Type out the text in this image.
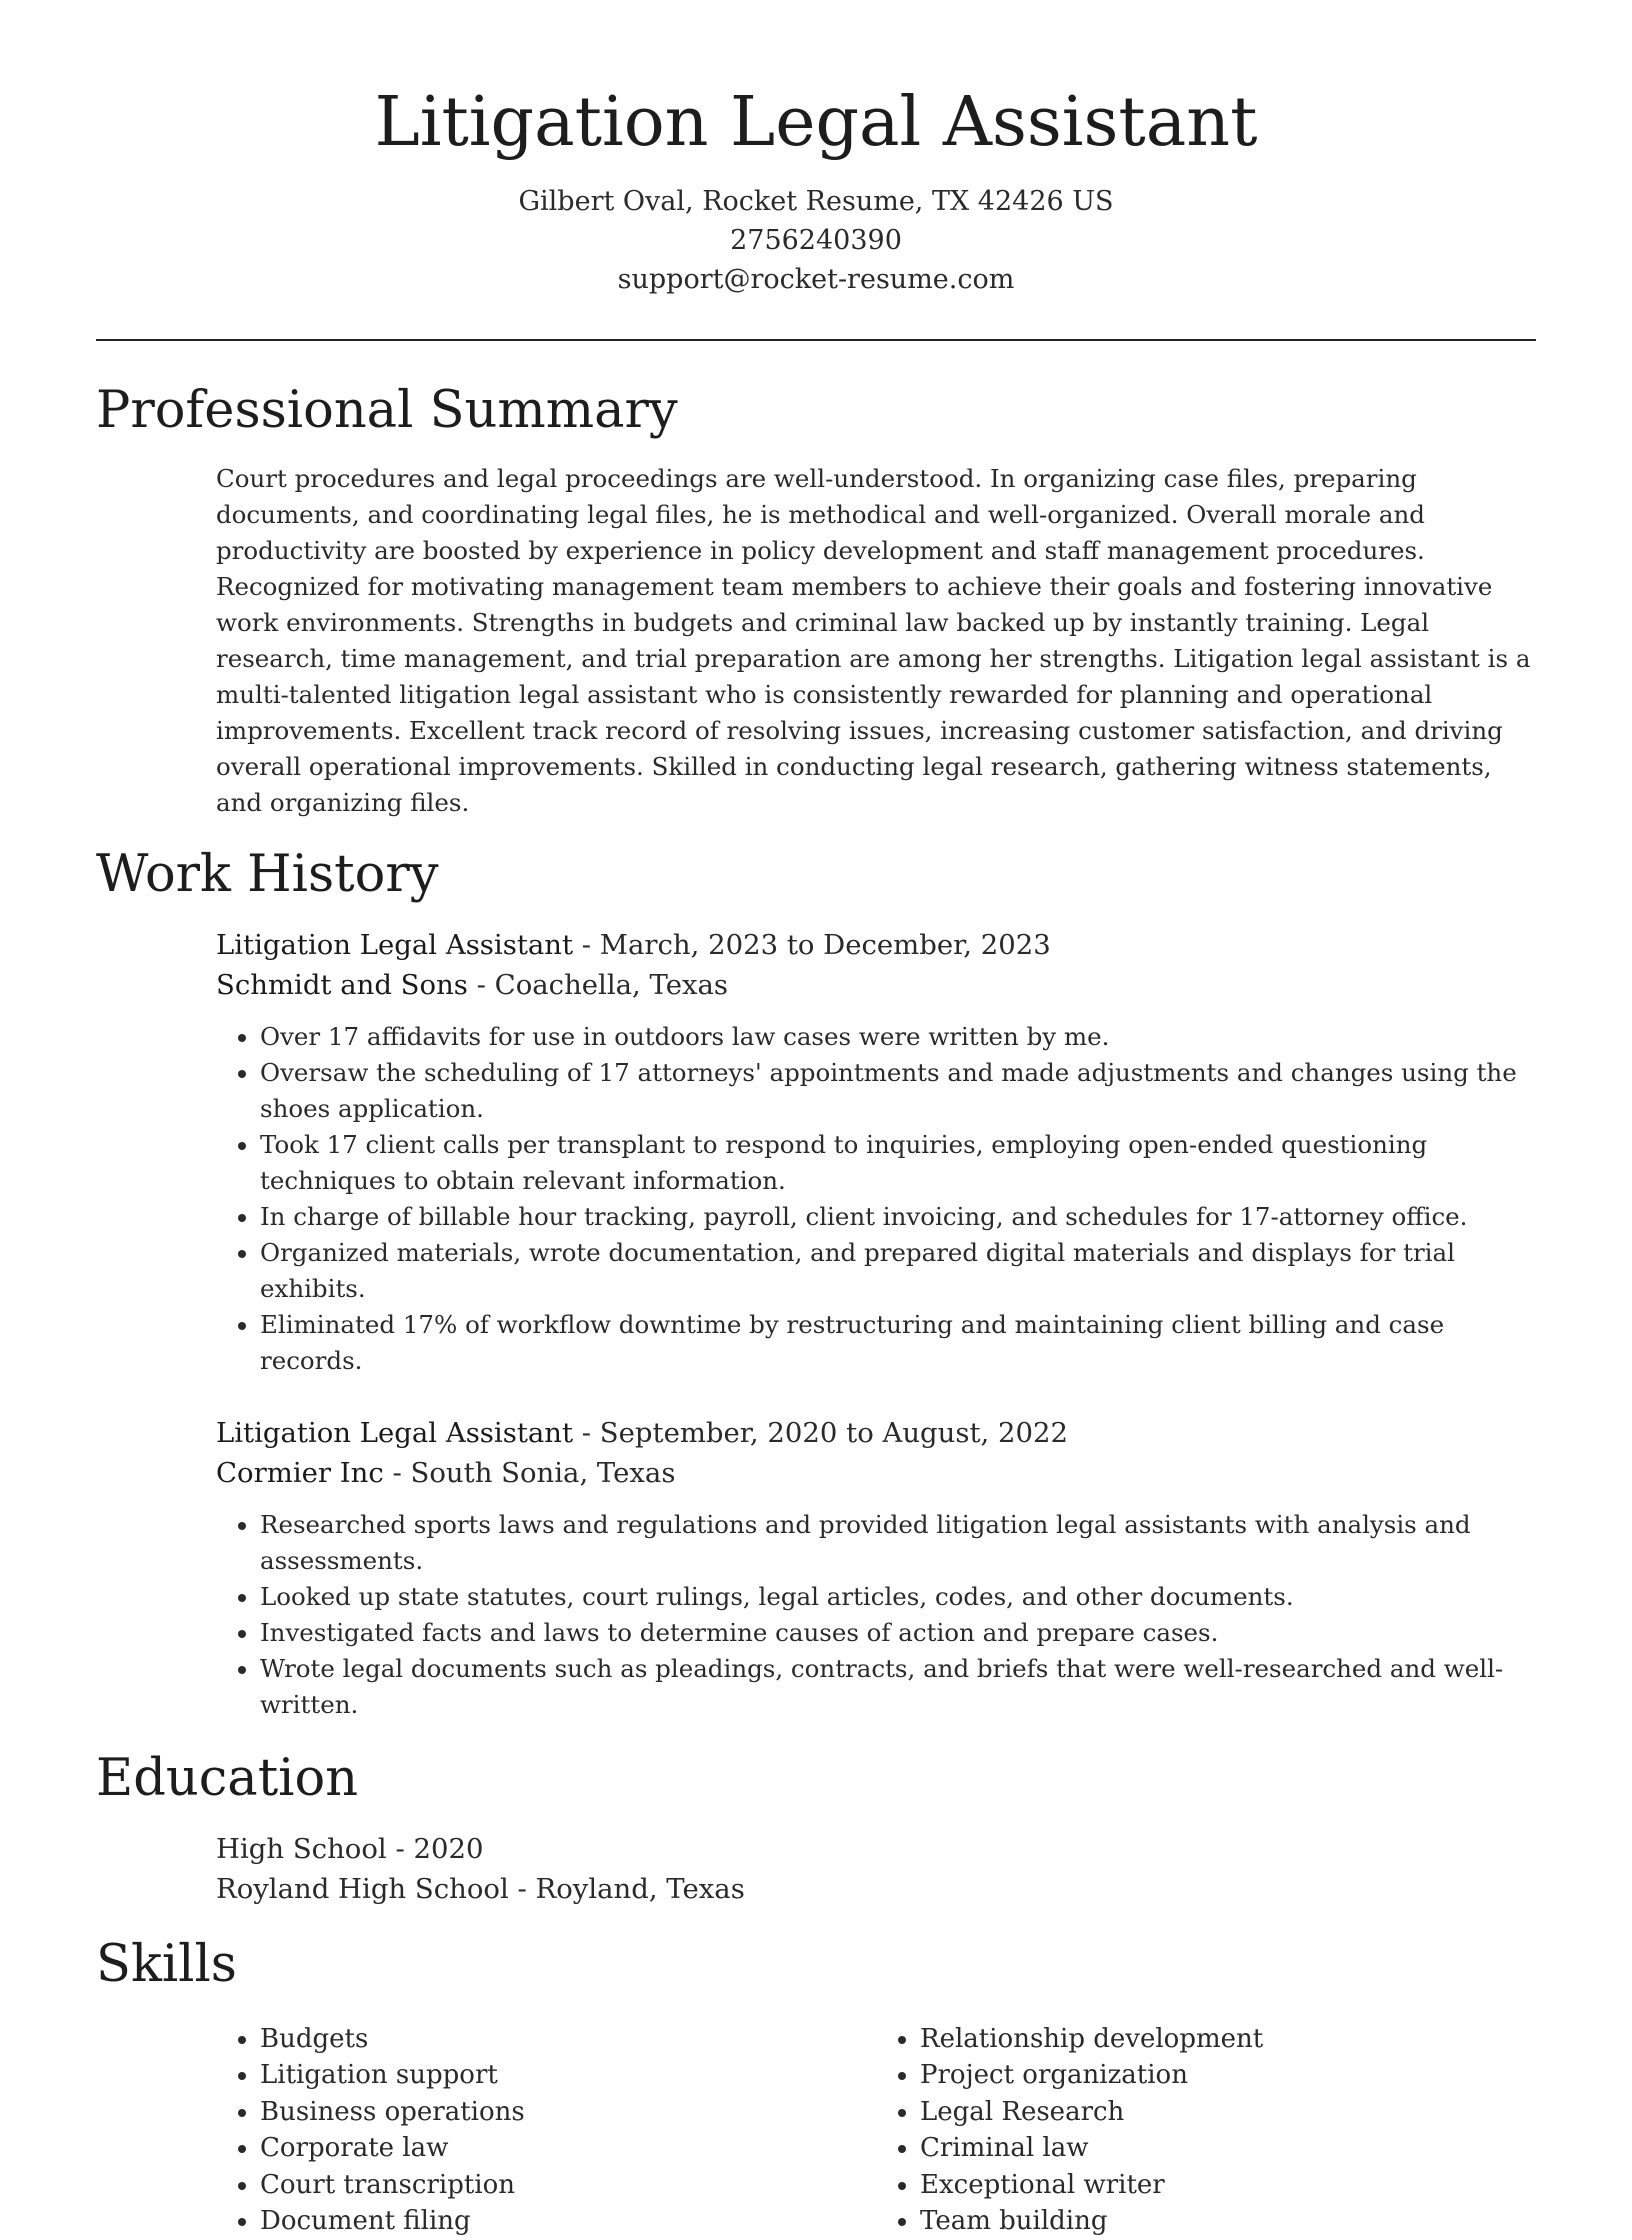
Litigation Legal Assistant
Gilbert Oval, Rocket Resume, TX 42426 US
2756240390
support@rocket-resume.com
Professional Summary

Court procedures and legal proceedings are well-understood. In organizing case files, preparing documents, and coordinating legal files, he is methodical and well-organized. Overall morale and productivity are boosted by experience in policy development and staff management procedures. Recognized for motivating management team members to achieve their goals and fostering innovative work environments. Strengths in budgets and criminal law backed up by instantly training. Legal research, time management, and trial preparation are among her strengths. Litigation legal assistant is a multi-talented litigation legal assistant who is consistently rewarded for planning and operational improvements. Excellent track record of resolving issues, increasing customer satisfaction, and driving overall operational improvements. Skilled in conducting legal research, gathering witness statements, and organizing files.

Work History
Litigation Legal Assistant - March, 2023 to December, 2023
Schmidt and Sons - Coachella, Texas
• Over 17 affidavits for use in outdoors law cases were written by me.
• Oversaw the scheduling of 17 attorneys' appointments and made adjustments and changes using the shoes application.
• Took 17 client calls per transplant to respond to inquiries, employing open-ended questioning techniques to obtain relevant information.
• In charge of billable hour tracking, payroll, client invoicing, and schedules for 17-attorney office.
• Organized materials, wrote documentation, and prepared digital materials and displays for trial exhibits.
• Eliminated 17% of workflow downtime by restructuring and maintaining client billing and case records.
Litigation Legal Assistant - September, 2020 to August, 2022
Cormier Inc - South Sonia, Texas
• Researched sports laws and regulations and provided litigation legal assistants with analysis and assessments.
• Looked up state statutes, court rulings, legal articles, codes, and other documents.
• Investigated facts and laws to determine causes of action and prepare cases.
• Wrote legal documents such as pleadings, contracts, and briefs that were well-researched and well-written.
Education
High School - 2020
Royland High School - Royland, Texas
Skills
• Budgets
• Litigation support
• Business operations
• Corporate law
• Court transcription
• Document filing
• Relationship development
• Project organization
• Legal Research
• Criminal law
• Exceptional writer
• Team building
